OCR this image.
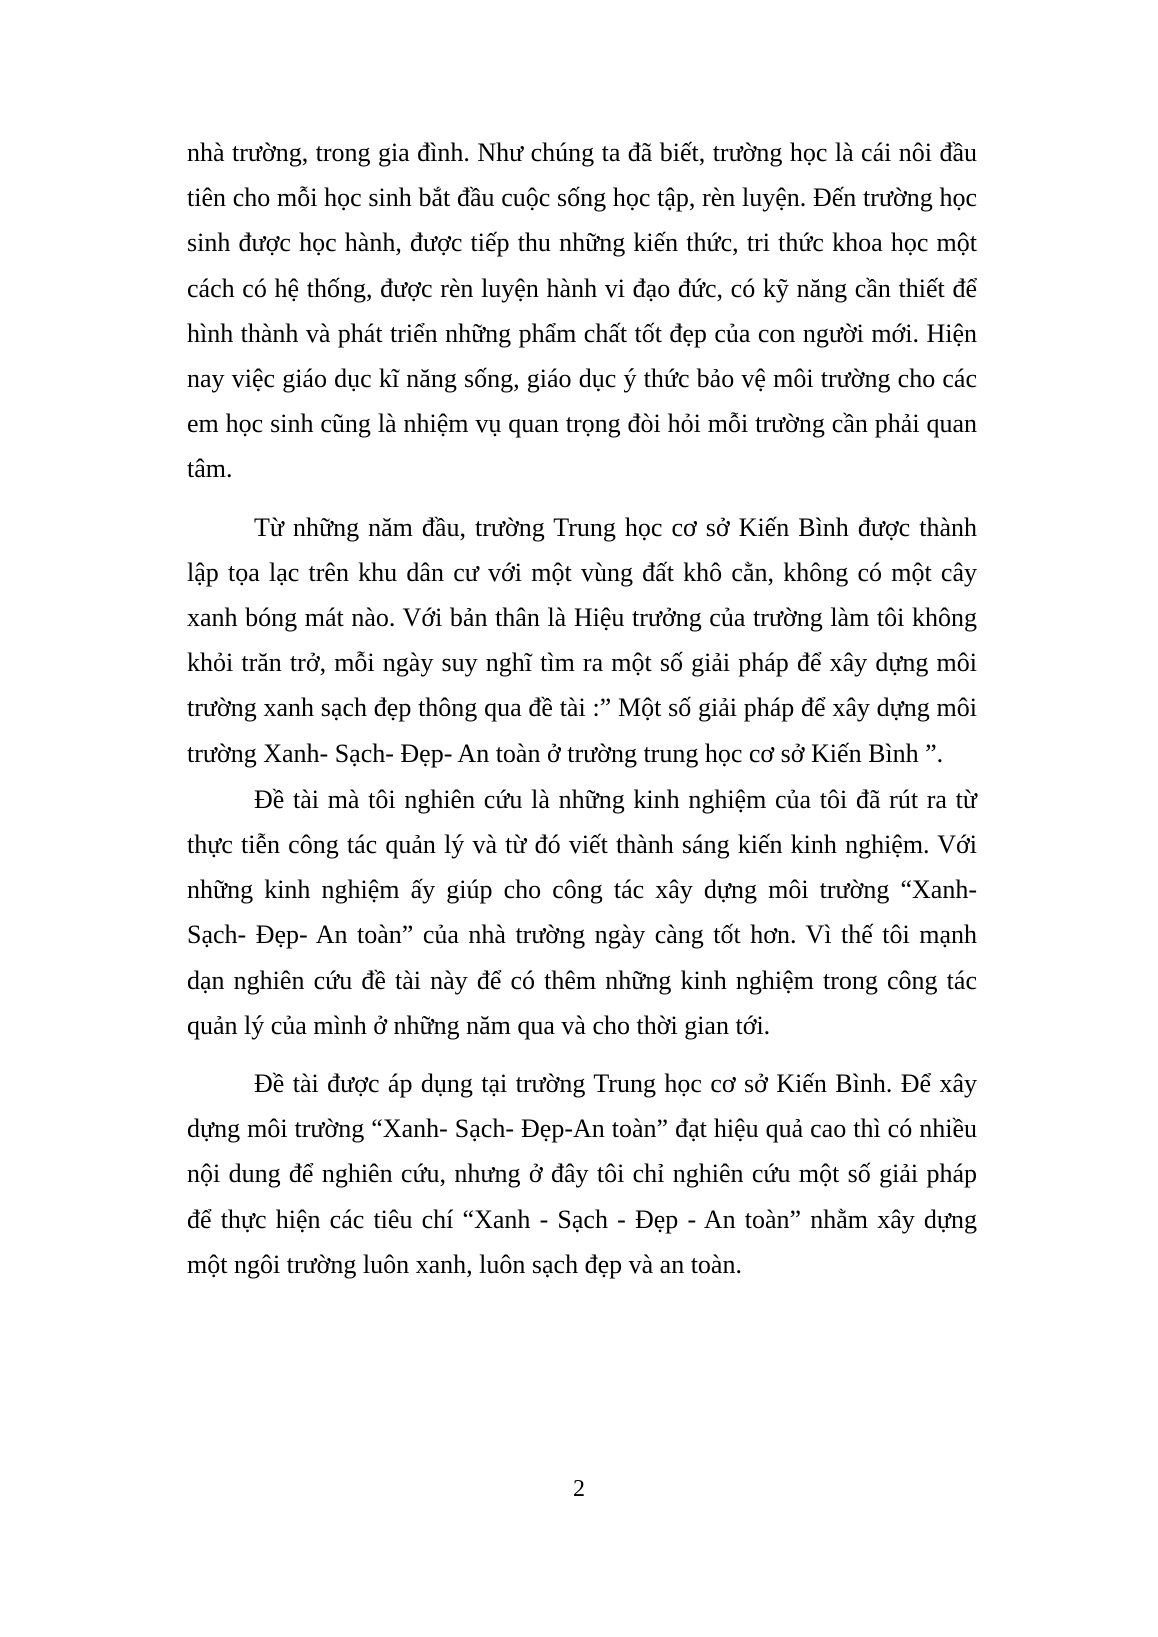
nhà trường, trong gia đình. Như chúng ta đã biết, trường học là cái nôi đầu tiên cho mỗi học sinh bắt đầu cuộc sống học tập, rèn luyện. Đến trường học sinh được học hành, được tiếp thu những kiến thức, tri thức khoa học một cách có hệ thống, được rèn luyện hành vi đạo đức, có kỹ năng cần thiết để hình thành và phát triển những phẩm chất tốt đẹp của con người mới. Hiện nay việc giáo dục kĩ năng sống, giáo dục ý thức bảo vệ môi trường cho các em học sinh cũng là nhiệm vụ quan trọng đòi hỏi mỗi trường cần phải quan tâm.

Từ những năm đầu, trường Trung học cơ sở Kiến Bình được thành lập tọa lạc trên khu dân cư với một vùng đất khô cằn, không có một cây xanh bóng mát nào. Với bản thân là Hiệu trưởng của trường làm tôi không khỏi trăn trở, mỗi ngày suy nghĩ tìm ra một số giải pháp để xây dựng môi trường xanh sạch đẹp thông qua đề tài :” Một số giải pháp để xây dựng môi trường Xanh- Sạch- Đẹp- An toàn ở trường trung học cơ sở Kiến Bình ”.

Đề tài mà tôi nghiên cứu là những kinh nghiệm của tôi đã rút ra từ thực tiễn công tác quản lý và từ đó viết thành sáng kiến kinh nghiệm. Với những kinh nghiệm ấy giúp cho công tác xây dựng môi trường “Xanh- Sạch- Đẹp- An toàn” của nhà trường ngày càng tốt hơn. Vì thế tôi mạnh dạn nghiên cứu đề tài này để có thêm những kinh nghiệm trong công tác quản lý của mình ở những năm qua và cho thời gian tới.

Đề tài được áp dụng tại trường Trung học cơ sở Kiến Bình. Để xây dựng môi trường “Xanh- Sạch- Đẹp-An toàn” đạt hiệu quả cao thì có nhiều nội dung để nghiên cứu, nhưng ở đây tôi chỉ nghiên cứu một số giải pháp để thực hiện các tiêu chí “Xanh - Sạch - Đẹp - An toàn” nhằm xây dựng một ngôi trường luôn xanh, luôn sạch đẹp và an toàn.

2
